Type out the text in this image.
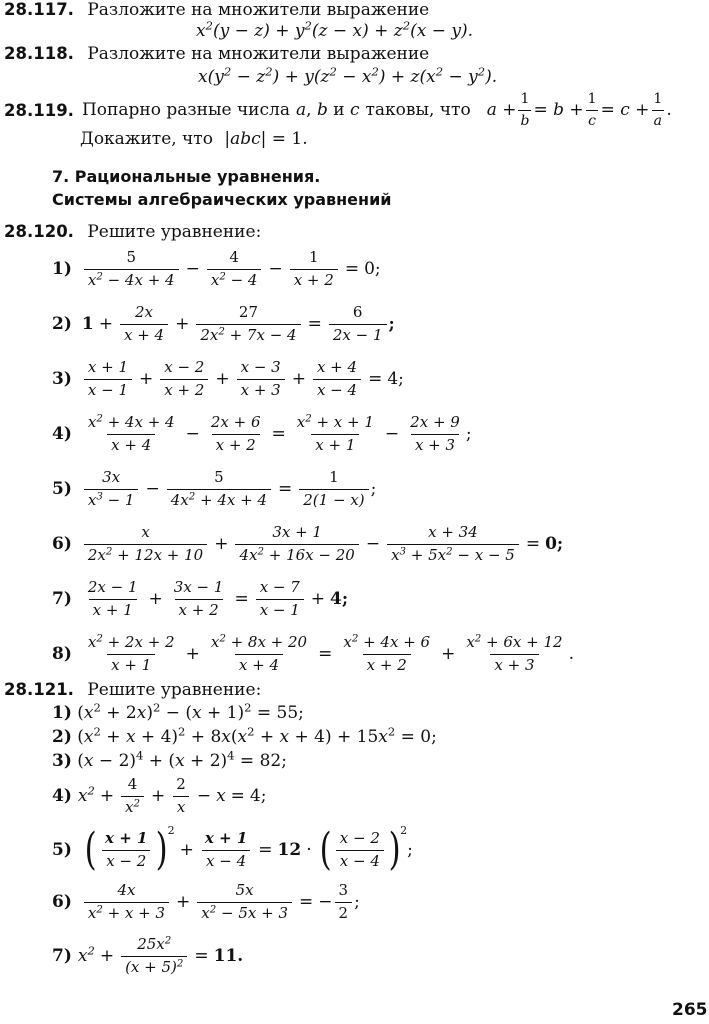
28.117. Разложите на множители выражение
$x^2(y - z) + y^2(z - x) + z^2(x - y)$.
28.118. Разложите на множители выражение
$x(y^2 - z^2) + y(z^2 - x^2) + z(x^2 - y^2)$.
28.119. Попарно разные числа a, b и c таковы, что $a + \frac{1}{b} = b + \frac{1}{c} = c + \frac{1}{a}$ .
Докажите, что |abc| = 1.
7. Рациональные уравнения.
Системы алгебраических уравнений
28.120. Решите уравнение:
$1) \frac{5}{x^2 - 4x + 4} - \frac{4}{x^2 - 4} - \frac{1}{x + 2} = 0$;
2) $1 + \frac{2x}{x + 4} + \frac{27}{2x^2 + 7x - 4} = \frac{6}{2x - 1}$ ;
$3) \frac{x + 1}{x - 1} + \frac{x - 2}{x + 2} + \frac{x - 3}{x + 3} + \frac{x + 4}{x - 4} = 4$;
$4) \frac{x^2 + 4x + 4}{x + 4} - \frac{2x + 6}{x + 2} = \frac{x^2 + x + 1}{x + 1} - \frac{2x + 9}{x + 3}$ ;
$5) \frac{3x}{x^3 - 1} - \frac{5}{4x^2 + 4x + 4} = \frac{1}{2(1 - x)}$ ;
$6) \frac{x}{2x^2 + 12x + 10} + \frac{3x + 1}{4x^2 + 16x - 20} - \frac{x + 34}{x^3 + 5x^2 - x - 5} = 0$;
$7) \frac{2x - 1}{x + 1} + \frac{3x - 1}{x + 2} = \frac{x - 7}{x - 1} + 4$;
$8) \frac{x^2 + 2x + 2}{x + 1} + \frac{x^2 + 8x + 20}{x + 4} = \frac{x^2 + 4x + 6}{x + 2} + \frac{x^2 + 6x + 12}{x + 3}$ .
28.121. Решите уравнение:
1) $(x^2 + 2x)^2 - (x + 1)^2 = 55$;
2) $(x^2 + x + 4)^2 + 8x(x^2 + x + 4) + 15x^2 = 0$;
3) $(x - 2)^4 + (x + 2)^4 = 82$;
4) $x^2 + \frac{4}{x^2} + \frac{2}{x} - x = 4$;
5) ( $\frac{x + 1}{x - 2}$ ) 2
+ $\frac{x + 1}{x - 4} = 12$ · ( $\frac{x - 2}{x - 4}$ ) 2
;
$6) \frac{4x}{x^2 + x + 3} + \frac{5x}{x^2 - 5x + 3}$ = − $\frac{3}{2}$ ;
7) $x^2 + \frac{25x^2}{(x + 5)^2} = 11$.
265
